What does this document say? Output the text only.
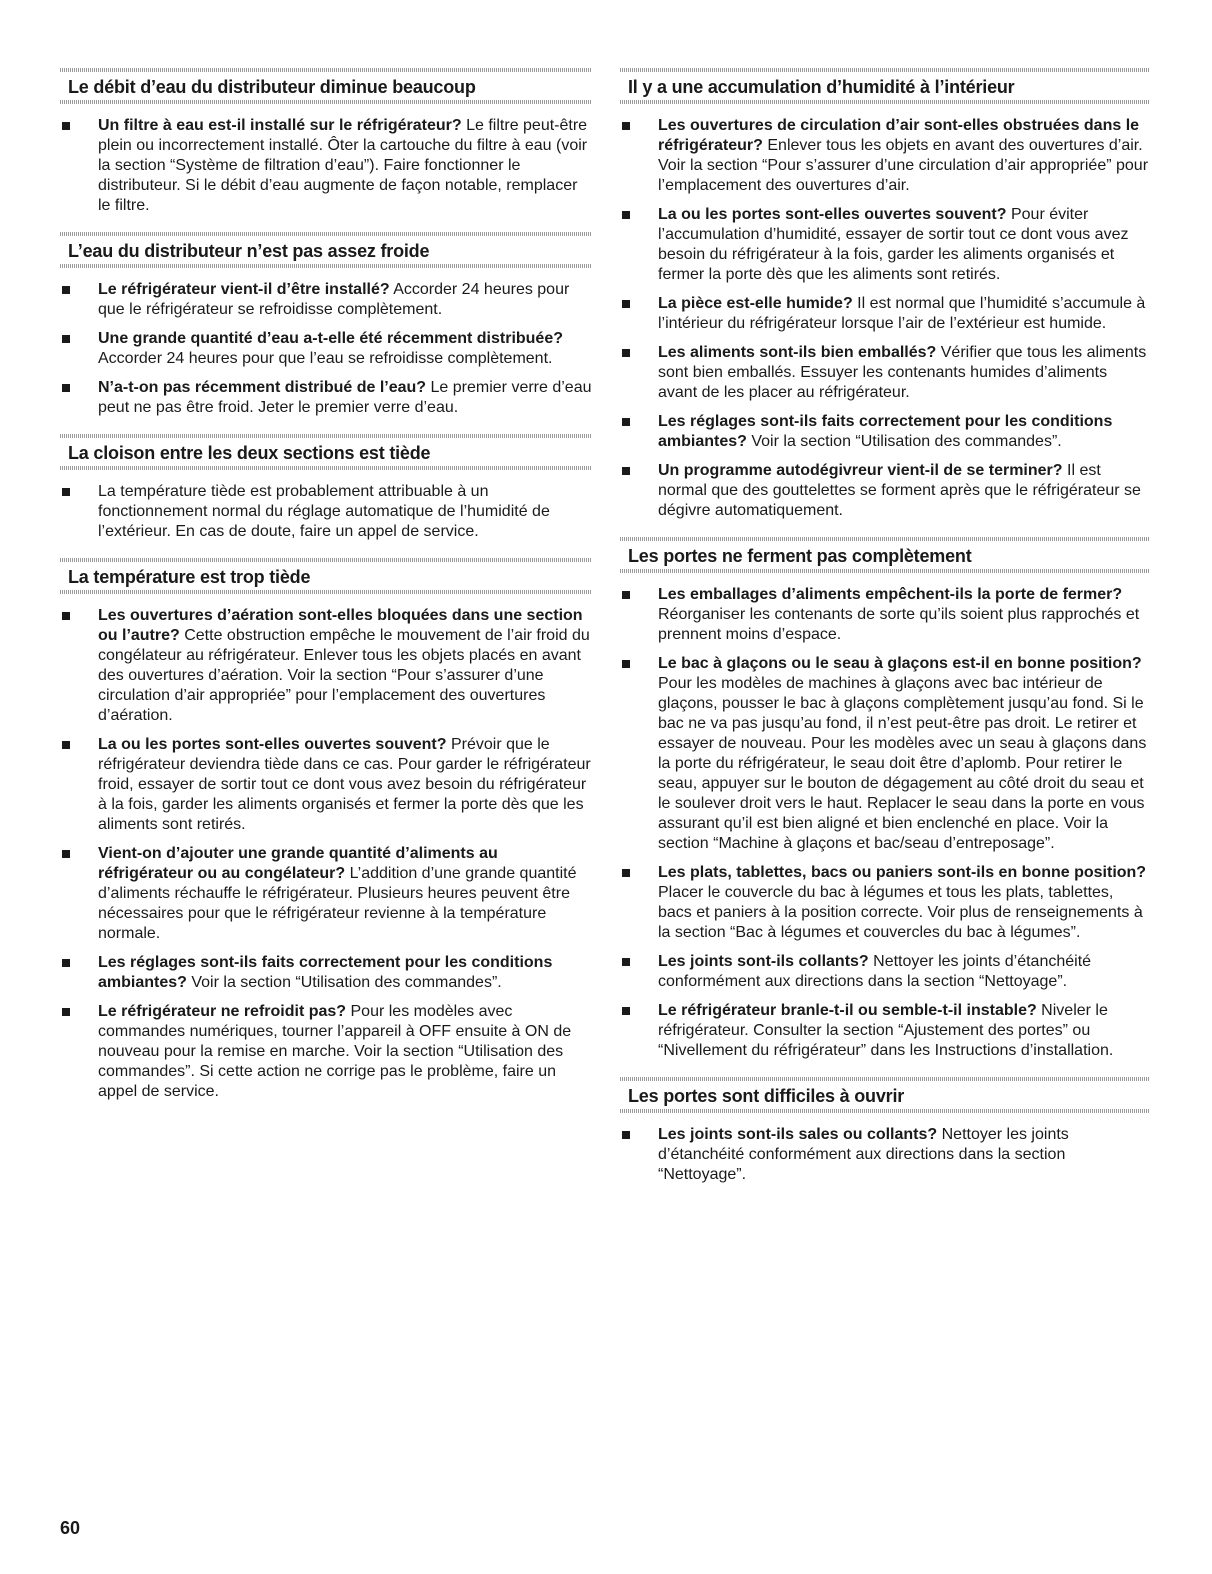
Le débit d’eau du distributeur diminue beaucoup
Un filtre à eau est-il installé sur le réfrigérateur? Le filtre peut-être plein ou incorrectement installé. Ôter la cartouche du filtre à eau (voir la section “Système de filtration d’eau”). Faire fonctionner le distributeur. Si le débit d’eau augmente de façon notable, remplacer le filtre.
L’eau du distributeur n’est pas assez froide
Le réfrigérateur vient-il d’être installé? Accorder 24 heures pour que le réfrigérateur se refroidisse complètement.
Une grande quantité d’eau a-t-elle été récemment distribuée? Accorder 24 heures pour que l’eau se refroidisse complètement.
N’a-t-on pas récemment distribué de l’eau? Le premier verre d’eau peut ne pas être froid. Jeter le premier verre d’eau.
La cloison entre les deux sections est tiède
La température tiède est probablement attribuable à un fonctionnement normal du réglage automatique de l’humidité de l’extérieur. En cas de doute, faire un appel de service.
La température est trop tiède
Les ouvertures d’aération sont-elles bloquées dans une section ou l’autre? Cette obstruction empêche le mouvement de l’air froid du congélateur au réfrigérateur. Enlever tous les objets placés en avant des ouvertures d’aération. Voir la section “Pour s’assurer d’une circulation d’air appropriée” pour l’emplacement des ouvertures d’aération.
La ou les portes sont-elles ouvertes souvent? Prévoir que le réfrigérateur deviendra tiède dans ce cas. Pour garder le réfrigérateur froid, essayer de sortir tout ce dont vous avez besoin du réfrigérateur à la fois, garder les aliments organisés et fermer la porte dès que les aliments sont retirés.
Vient-on d’ajouter une grande quantité d’aliments au réfrigérateur ou au congélateur? L’addition d’une grande quantité d’aliments réchauffe le réfrigérateur. Plusieurs heures peuvent être nécessaires pour que le réfrigérateur revienne à la température normale.
Les réglages sont-ils faits correctement pour les conditions ambiantes? Voir la section “Utilisation des commandes”.
Le réfrigérateur ne refroidit pas? Pour les modèles avec commandes numériques, tourner l’appareil à OFF ensuite à ON de nouveau pour la remise en marche. Voir la section “Utilisation des commandes”. Si cette action ne corrige pas le problème, faire un appel de service.
Il y a une accumulation d’humidité à l’intérieur
Les ouvertures de circulation d’air sont-elles obstruées dans le réfrigérateur? Enlever tous les objets en avant des ouvertures d’air. Voir la section “Pour s’assurer d’une circulation d’air appropriée” pour l’emplacement des ouvertures d’air.
La ou les portes sont-elles ouvertes souvent? Pour éviter l’accumulation d’humidité, essayer de sortir tout ce dont vous avez besoin du réfrigérateur à la fois, garder les aliments organisés et fermer la porte dès que les aliments sont retirés.
La pièce est-elle humide? Il est normal que l’humidité s’accumule à l’intérieur du réfrigérateur lorsque l’air de l’extérieur est humide.
Les aliments sont-ils bien emballés? Vérifier que tous les aliments sont bien emballés. Essuyer les contenants humides d’aliments avant de les placer au réfrigérateur.
Les réglages sont-ils faits correctement pour les conditions ambiantes? Voir la section “Utilisation des commandes”.
Un programme autodégivreur vient-il de se terminer? Il est normal que des gouttelettes se forment après que le réfrigérateur se dégivre automatiquement.
Les portes ne ferment pas complètement
Les emballages d’aliments empêchent-ils la porte de fermer? Réorganiser les contenants de sorte qu’ils soient plus rapprochés et prennent moins d’espace.
Le bac à glaçons ou le seau à glaçons est-il en bonne position? Pour les modèles de machines à glaçons avec bac intérieur de glaçons, pousser le bac à glaçons complètement jusqu’au fond. Si le bac ne va pas jusqu’au fond, il n’est peut-être pas droit. Le retirer et essayer de nouveau. Pour les modèles avec un seau à glaçons dans la porte du réfrigérateur, le seau doit être d’aplomb. Pour retirer le seau, appuyer sur le bouton de dégagement au côté droit du seau et le soulever droit vers le haut. Replacer le seau dans la porte en vous assurant qu’il est bien aligné et bien enclenché en place. Voir la section “Machine à glaçons et bac/seau d’entreposage”.
Les plats, tablettes, bacs ou paniers sont-ils en bonne position? Placer le couvercle du bac à légumes et tous les plats, tablettes, bacs et paniers à la position correcte. Voir plus de renseignements à la section “Bac à légumes et couvercles du bac à légumes”.
Les joints sont-ils collants? Nettoyer les joints d’étanchéité conformément aux directions dans la section “Nettoyage”.
Le réfrigérateur branle-t-il ou semble-t-il instable? Niveler le réfrigérateur. Consulter la section “Ajustement des portes” ou “Nivellement du réfrigérateur” dans les Instructions d’installation.
Les portes sont difficiles à ouvrir
Les joints sont-ils sales ou collants? Nettoyer les joints d’étanchéité conformément aux directions dans la section “Nettoyage”.
60
